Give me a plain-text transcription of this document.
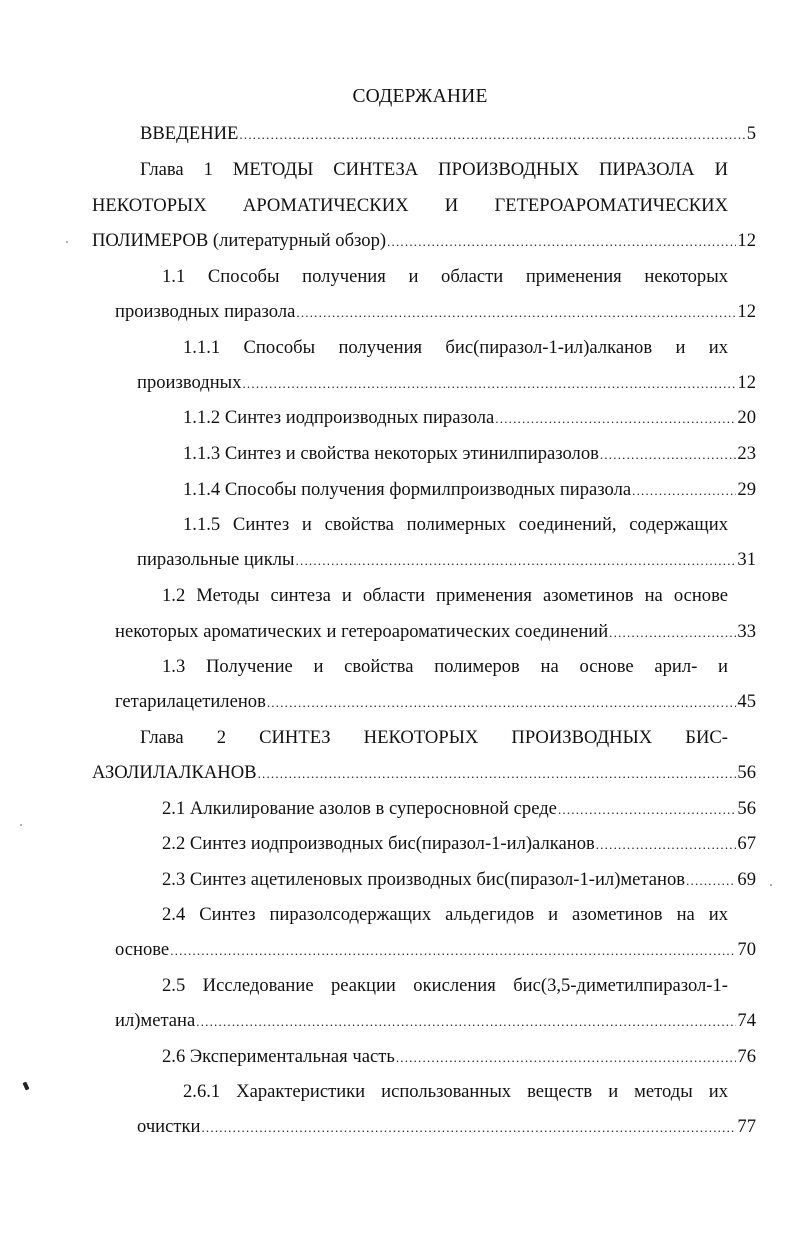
СОДЕРЖАНИЕ
ВВЕДЕНИЕ .....	5
Глава 1 МЕТОДЫ СИНТЕЗА ПРОИЗВОДНЫХ ПИРАЗОЛА И
НЕКОТОРЫХ АРОМАТИЧЕСКИХ И ГЕТЕРОАРОМАТИЧЕСКИХ
ПОЛИМЕРОВ (литературный обзор) .....	12
1.1 Способы получения и области применения некоторых
производных пиразола .....	12
1.1.1 Способы получения бис(пиразол-1-ил)алканов и их
производных .....	12
1.1.2 Синтез иодпроизводных пиразола .....	20
1.1.3 Синтез и свойства некоторых этинилпиразолов .....	23
1.1.4 Способы получения формилпроизводных пиразола .....	29
1.1.5 Синтез и свойства полимерных соединений, содержащих
пиразольные циклы .....	31
1.2 Методы синтеза и области применения азометинов на основе
некоторых ароматических и гетероароматических соединений .....	33
1.3 Получение и свойства полимеров на основе арил- и
гетарилацетиленов .....	45
Глава 2 СИНТЕЗ НЕКОТОРЫХ ПРОИЗВОДНЫХ БИС-
АЗОЛИЛАЛКАНОВ .....	56
2.1 Алкилирование азолов в суперосновной среде .....	56
2.2 Синтез иодпроизводных бис(пиразол-1-ил)алканов .....	67
2.3 Синтез ацетиленовых производных бис(пиразол-1-ил)метанов .....	69
2.4 Синтез пиразолсодержащих альдегидов и азометинов на их
основе .....	70
2.5 Исследование реакции окисления бис(3,5-диметилпиразол-1-
ил)метана .....	74
2.6 Экспериментальная часть .....	76
2.6.1 Характеристики использованных веществ и методы их
очистки .....	77
